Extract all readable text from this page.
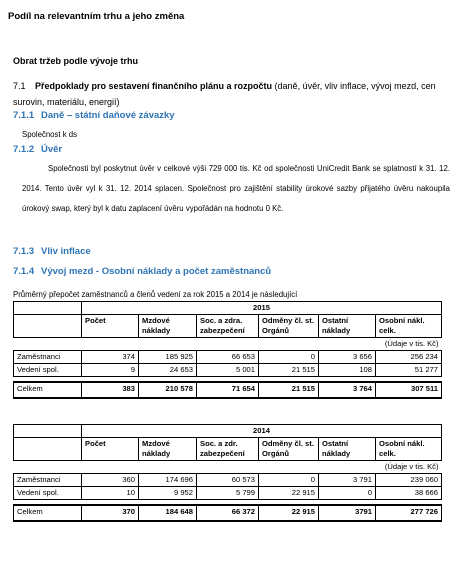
Podíl na relevantním trhu a jeho změna
Obrat tržeb podle vývoje trhu
7.1 Předpoklady pro sestavení finančního plánu a rozpočtu (daně, úvěr, vliv inflace, vývoj mezd, cen surovin, materiálu, energií)
7.1.1 Daně – státní daňové závazky
Společnost k ds
7.1.2 Úvěr
Společnosti byl poskytnut úvěr v celkové výši 729 000 tis. Kč od společnosti UniCredit Bank se splatností k 31. 12. 2014. Tento úvěr vyl k 31. 12. 2014 splacen. Společnost pro zajištění stability úrokové sazby přijatého úvěru nakoupila úrokový swap, který byl k datu zaplacení úvěru vypořádán na hodnotu 0 Kč.
7.1.3 Vliv inflace
7.1.4 Vývoj mezd - Osobní náklady a počet zaměstnanců
Průměrný přepočet zaměstnanců a členů vedení za rok 2015 a 2014 je následující
	2015					
	Počet	Mzdové náklady	Soc. a zdra. zabezpečení	Odměny čl. st. Orgánů	Ostatní náklady	Osobní nákl. celk.
(Údaje v tis. Kč)						
Zaměstnanci	374	185 925	66 653	0	3 656	256 234
Vedení spol.	9	24 653	5 001	21 515	108	51 277

Celkem	383	210 578	71 654	21 515	3 764	307 511
	2014					
	Počet	Mzdové náklady	Soc. a zdr. zabezpečení	Odměny čl. st. Orgánů	Ostatní náklady	Osobní nákl. celk.
(Údaje v tis. Kč)						
Zaměstnanci	360	174 696	60 573	0	3 791	239 060
Vedení spol.	10	9 952	5 799	22 915	0	38 666

Celkem	370	184 648	66 372	22 915	3791	277 726
